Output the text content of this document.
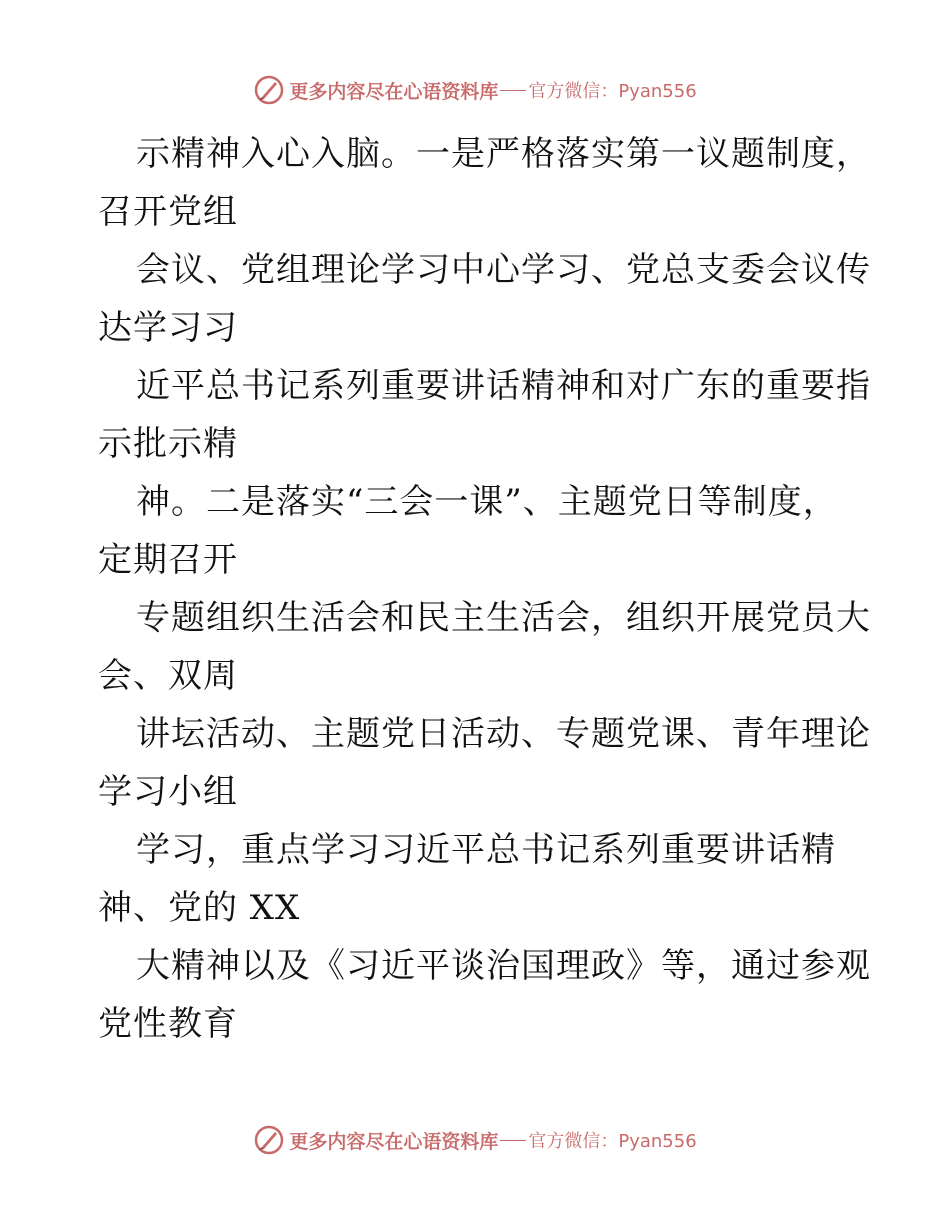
更多内容尽在心语资料库 官方微信：Pyan556
示精神入心入脑。一是严格落实第一议题制度，
召开党组
会议、党组理论学习中心学习、党总支委会议传
达学习习
近平总书记系列重要讲话精神和对广东的重要指
示批示精
神。二是落实“三会一课”、主题党日等制度，
定期召开
专题组织生活会和民主生活会，组织开展党员大
会、双周
讲坛活动、主题党日活动、专题党课、青年理论
学习小组
学习，重点学习习近平总书记系列重要讲话精
神、党的 XX
大精神以及《习近平谈治国理政》等，通过参观
党性教育
更多内容尽在心语资料库 官方微信：Pyan556
